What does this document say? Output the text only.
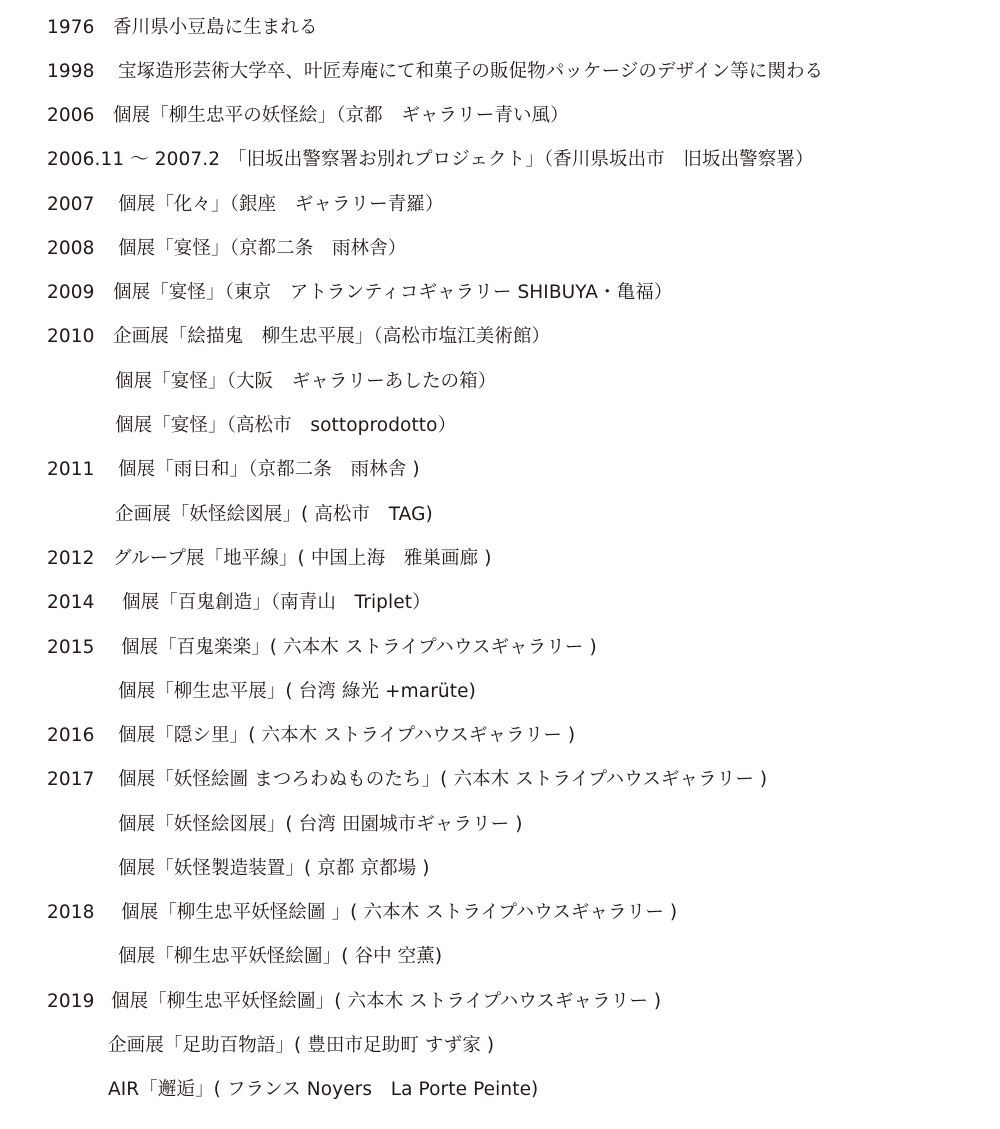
1976 香川県小豆島に生まれる
1998 宝塚造形芸術大学卒、叶匠寿庵にて和菓子の販促物パッケージのデザイン等に関わる
2006 個展「柳生忠平の妖怪絵」（京都　ギャラリー青い風）
2006.11 ～ 2007.2 「旧坂出警察署お別れプロジェクト」（香川県坂出市　旧坂出警察署）
2007 個展「化々」（銀座　ギャラリー青羅）
2008 個展「宴怪」（京都二条　雨林舎）
2009 個展「宴怪」（東京　アトランティコギャラリー SHIBUYA・亀福）
2010 企画展「絵描鬼　柳生忠平展」（高松市塩江美術館）
個展「宴怪」（大阪　ギャラリーあしたの箱）
個展「宴怪」（高松市　sottoprodotto）
2011 個展「雨日和」（京都二条　雨林舎 )
企画展「妖怪絵図展」( 高松市　TAG)
2012 グループ展「地平線」( 中国上海　雅巣画廊 )
2014 個展「百鬼創造」（南青山　Triplet）
2015 個展「百鬼楽楽」( 六本木 ストライプハウスギャラリー )
個展「柳生忠平展」( 台湾 綠光 +marüte)
2016 個展「隠シ里」( 六本木 ストライプハウスギャラリー )
2017 個展「妖怪絵圖 まつろわぬものたち」( 六本木 ストライプハウスギャラリー )
個展「妖怪絵図展」( 台湾 田園城市ギャラリー )
個展「妖怪製造装置」( 京都 京都場 )
2018 個展「柳生忠平妖怪絵圖 」( 六本木 ストライプハウスギャラリー )
個展「柳生忠平妖怪絵圖」( 谷中 空薫)
2019 個展「柳生忠平妖怪絵圖」( 六本木 ストライプハウスギャラリー )
企画展「足助百物語」( 豊田市足助町 すず家 )
AIR「邂逅」( フランス Noyers　La Porte Peinte)
